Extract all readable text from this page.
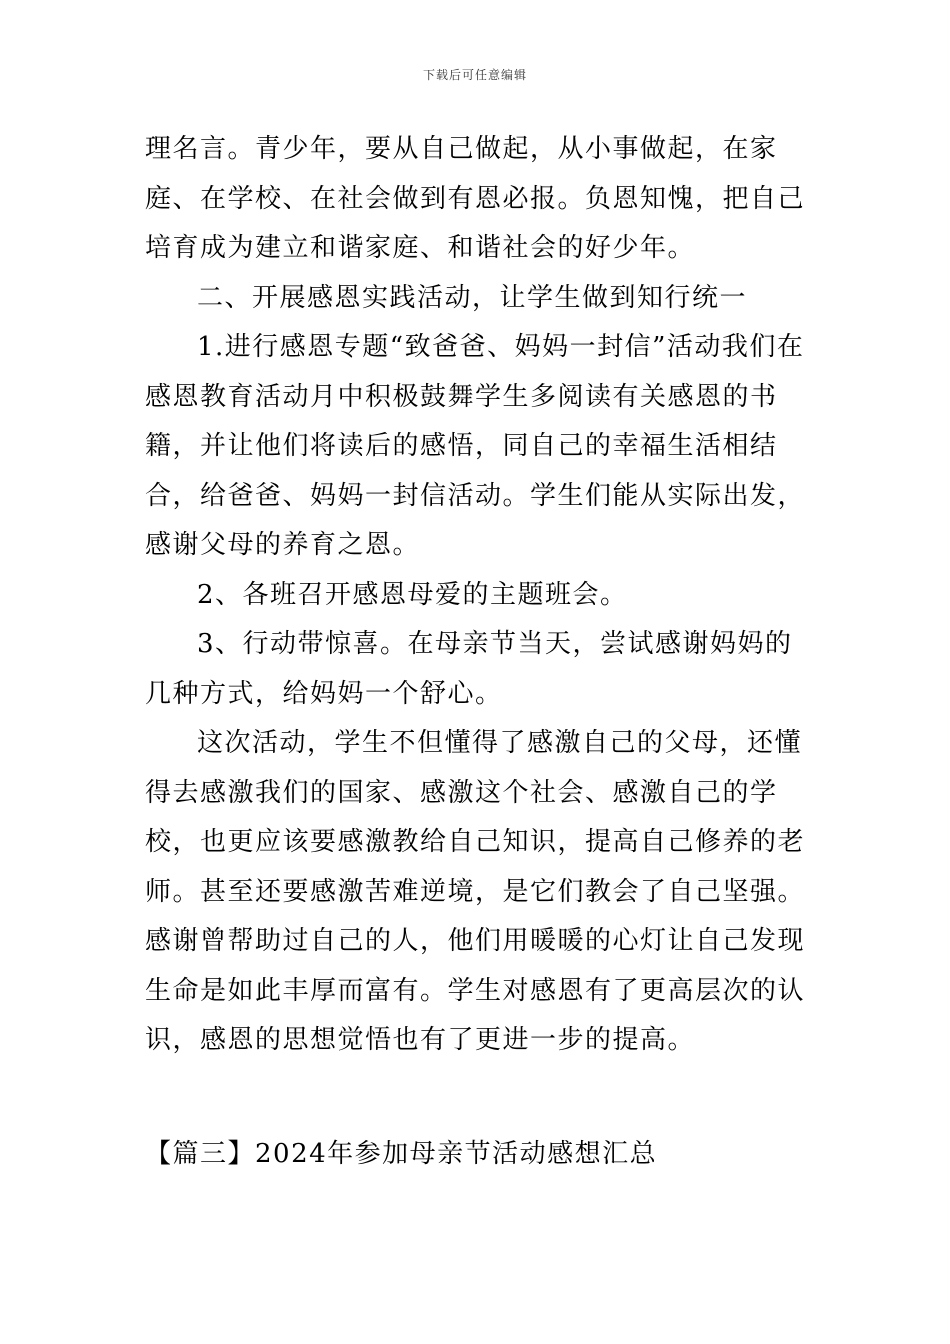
下载后可任意编辑

理名言。青少年，要从自己做起，从小事做起，在家庭、在学校、在社会做到有恩必报。负恩知愧，把自己培育成为建立和谐家庭、和谐社会的好少年。

二、开展感恩实践活动，让学生做到知行统一

1.进行感恩专题“致爸爸、妈妈一封信”活动我们在感恩教育活动月中积极鼓舞学生多阅读有关感恩的书籍，并让他们将读后的感悟，同自己的幸福生活相结合，给爸爸、妈妈一封信活动。学生们能从实际出发，感谢父母的养育之恩。

2、各班召开感恩母爱的主题班会。

3、行动带惊喜。在母亲节当天，尝试感谢妈妈的几种方式，给妈妈一个舒心。

这次活动，学生不但懂得了感激自己的父母，还懂得去感激我们的国家、感激这个社会、感激自己的学校，也更应该要感激教给自己知识，提高自己修养的老师。甚至还要感激苦难逆境，是它们教会了自己坚强。感谢曾帮助过自己的人，他们用暖暖的心灯让自己发现生命是如此丰厚而富有。学生对感恩有了更高层次的认识，感恩的思想觉悟也有了更进一步的提高。

【篇三】2024年参加母亲节活动感想汇总
